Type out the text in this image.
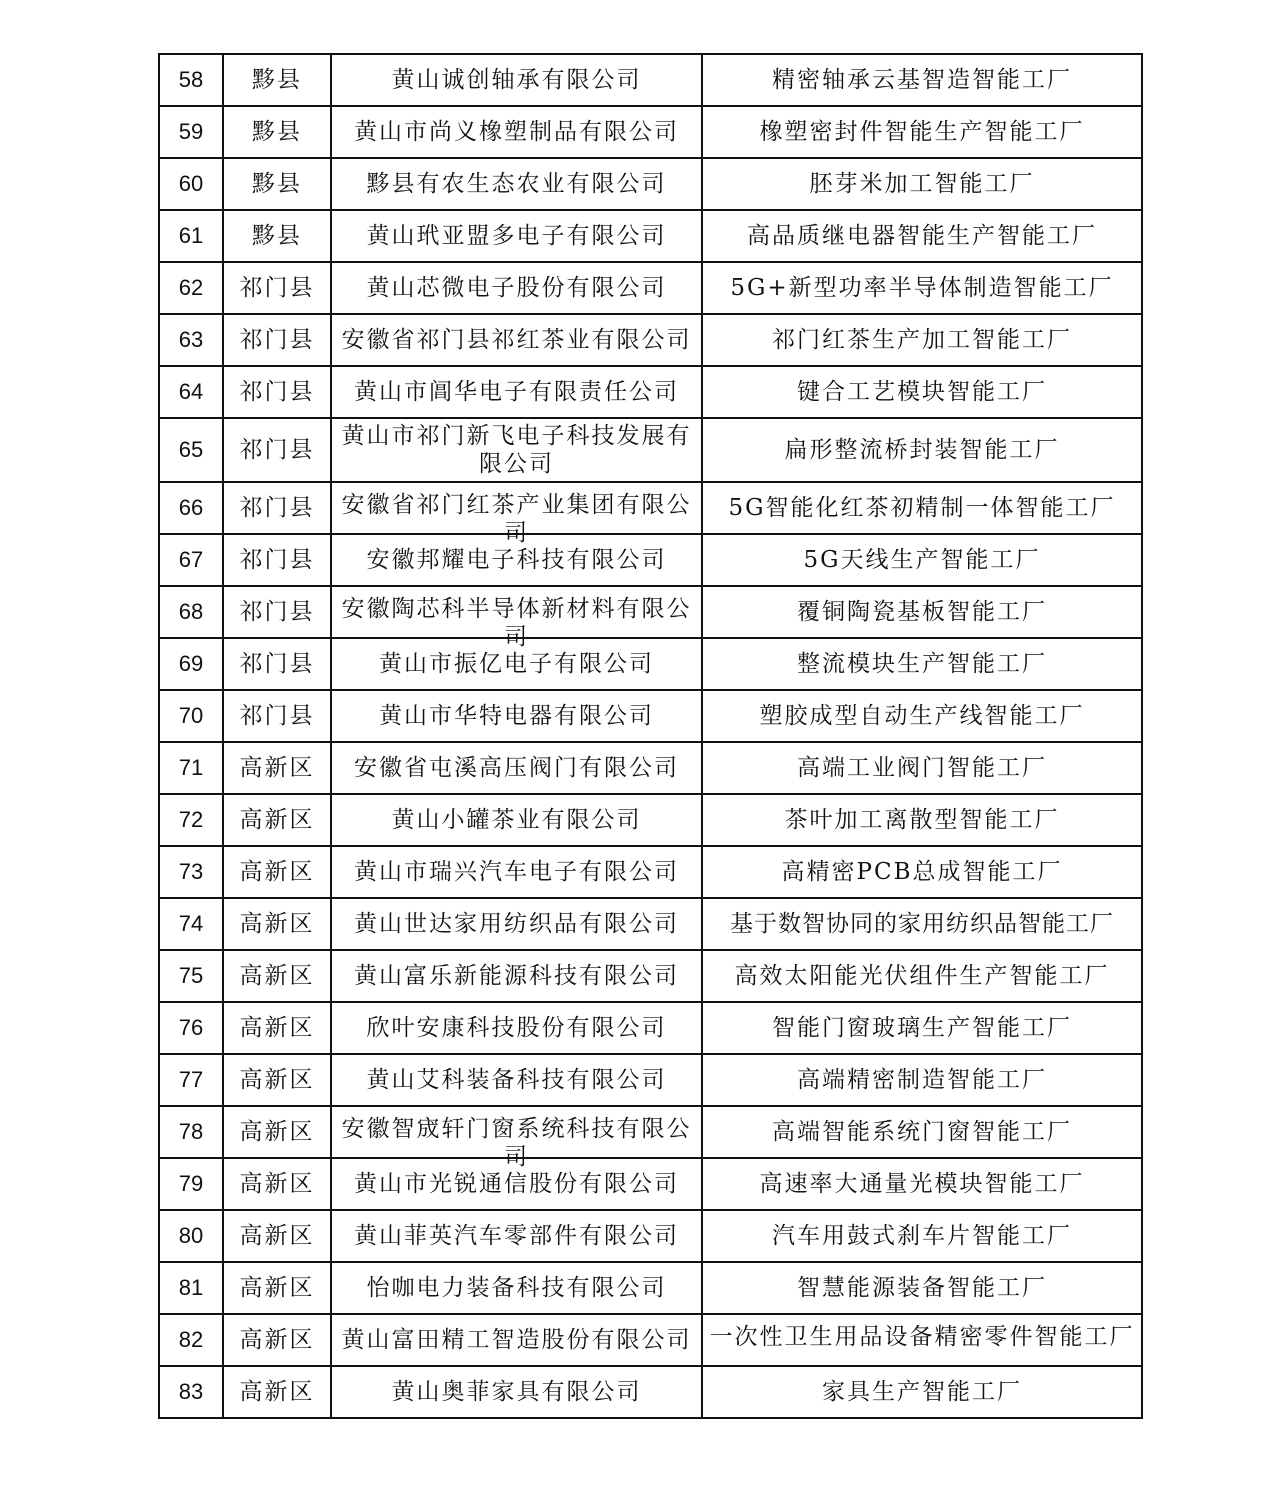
58	黟县	黄山诚创轴承有限公司	精密轴承云基智造智能工厂
59	黟县	黄山市尚义橡塑制品有限公司	橡塑密封件智能生产智能工厂
60	黟县	黟县有农生态农业有限公司	胚芽米加工智能工厂
61	黟县	黄山玳亚盟多电子有限公司	高品质继电器智能生产智能工厂
62	祁门县	黄山芯微电子股份有限公司	5G+新型功率半导体制造智能工厂
63	祁门县	安徽省祁门县祁红茶业有限公司	祁门红茶生产加工智能工厂
64	祁门县	黄山市阊华电子有限责任公司	键合工艺模块智能工厂
65	祁门县	黄山市祁门新飞电子科技发展有限公司	扁形整流桥封装智能工厂
66	祁门县	安徽省祁门红茶产业集团有限公司	5G智能化红茶初精制一体智能工厂
67	祁门县	安徽邦耀电子科技有限公司	5G天线生产智能工厂
68	祁门县	安徽陶芯科半导体新材料有限公司	覆铜陶瓷基板智能工厂
69	祁门县	黄山市振亿电子有限公司	整流模块生产智能工厂
70	祁门县	黄山市华特电器有限公司	塑胶成型自动生产线智能工厂
71	高新区	安徽省屯溪高压阀门有限公司	高端工业阀门智能工厂
72	高新区	黄山小罐茶业有限公司	茶叶加工离散型智能工厂
73	高新区	黄山市瑞兴汽车电子有限公司	高精密PCB总成智能工厂
74	高新区	黄山世达家用纺织品有限公司	基于数智协同的家用纺织品智能工厂
75	高新区	黄山富乐新能源科技有限公司	高效太阳能光伏组件生产智能工厂
76	高新区	欣叶安康科技股份有限公司	智能门窗玻璃生产智能工厂
77	高新区	黄山艾科装备科技有限公司	高端精密制造智能工厂
78	高新区	安徽智宬轩门窗系统科技有限公司	高端智能系统门窗智能工厂
79	高新区	黄山市光锐通信股份有限公司	高速率大通量光模块智能工厂
80	高新区	黄山菲英汽车零部件有限公司	汽车用鼓式刹车片智能工厂
81	高新区	怡咖电力装备科技有限公司	智慧能源装备智能工厂
82	高新区	黄山富田精工智造股份有限公司	一次性卫生用品设备精密零件智能工厂

83	高新区	黄山奥菲家具有限公司	家具生产智能工厂
